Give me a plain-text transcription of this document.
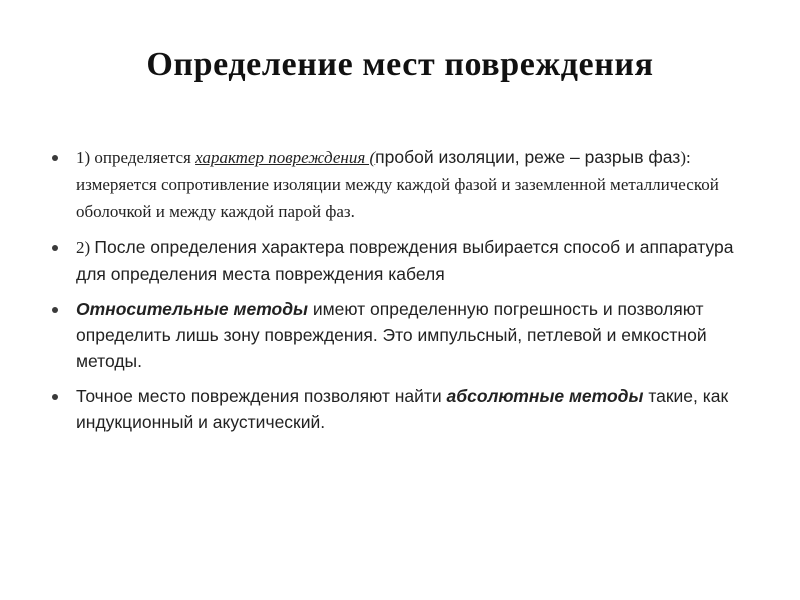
Определение мест повреждения
1) определяется характер повреждения (пробой изоляции, реже – разрыв фаз): измеряется сопротивление изоляции между каждой фазой и заземленной металлической оболочкой и между каждой парой фаз.
2) После определения характера повреждения выбирается способ и аппаратура для определения места повреждения кабеля
Относительные методы имеют определенную погрешность и позволяют определить лишь зону повреждения. Это импульсный, петлевой и емкостной методы.
Точное место повреждения позволяют найти абсолютные методы такие, как индукционный и акустический.
